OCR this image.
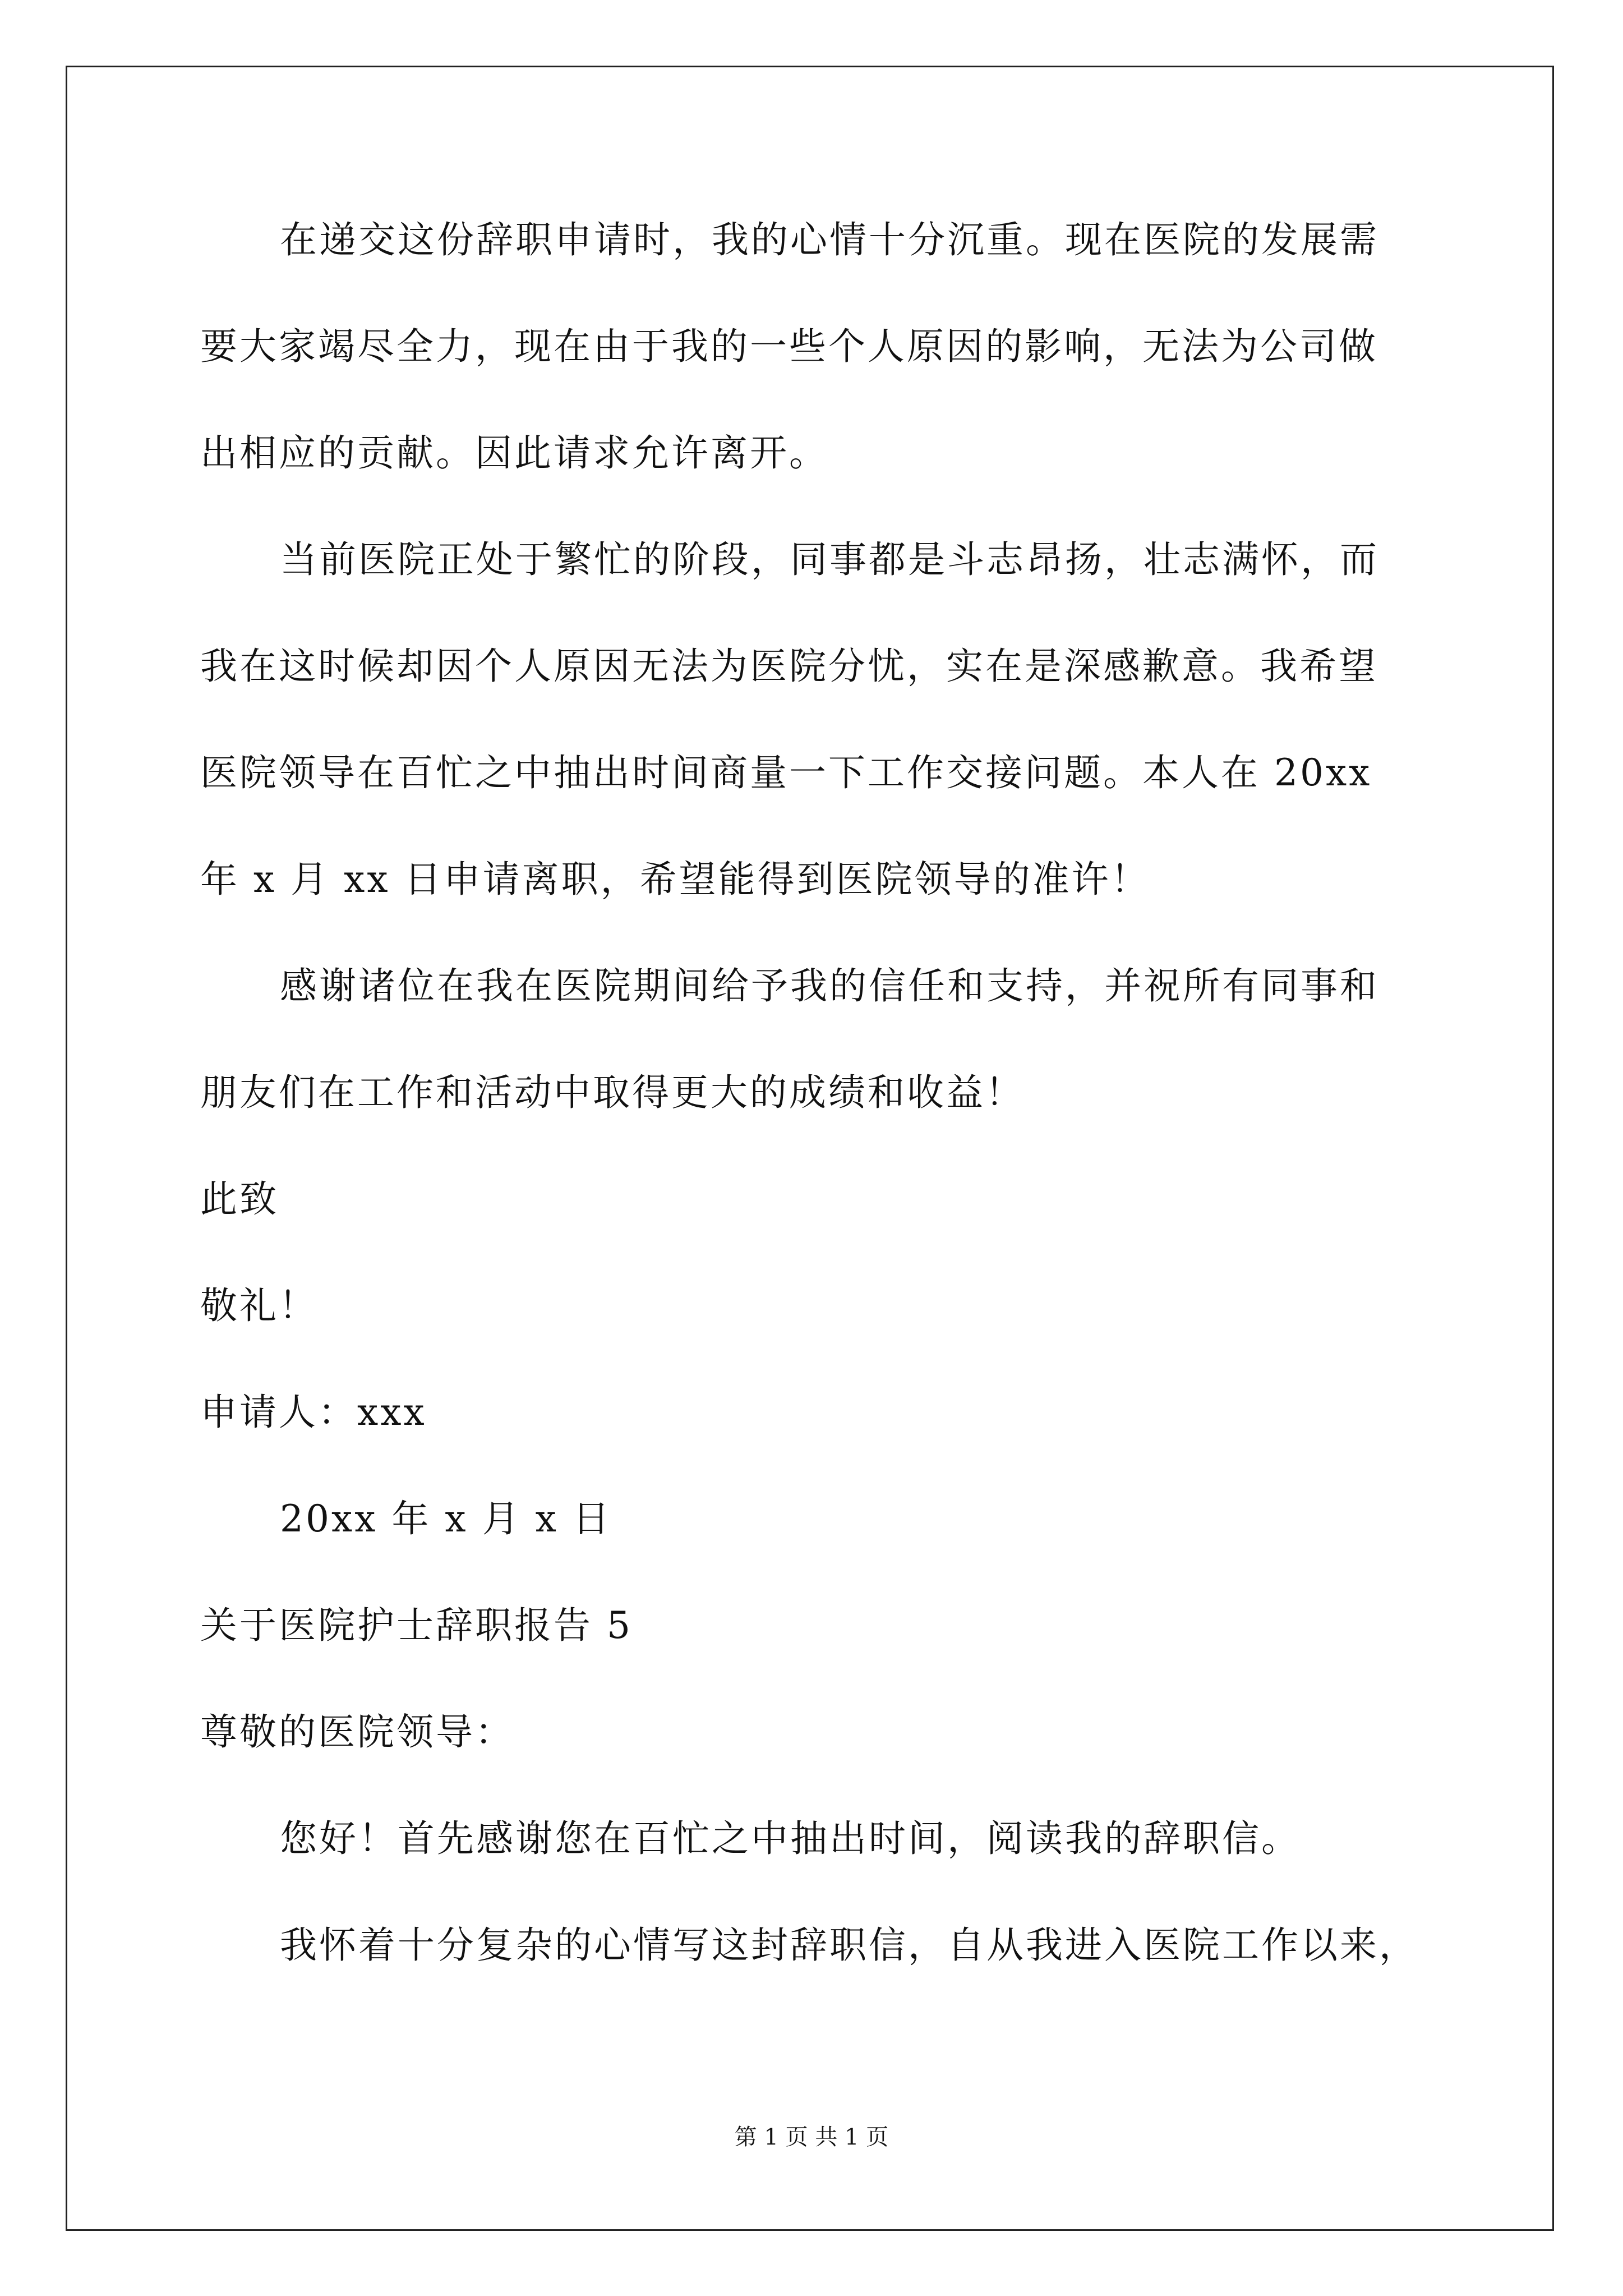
在递交这份辞职申请时，我的心情十分沉重。现在医院的发展需
要大家竭尽全力，现在由于我的一些个人原因的影响，无法为公司做
出相应的贡献。因此请求允许离开。
当前医院正处于繁忙的阶段，同事都是斗志昂扬，壮志满怀，而
我在这时候却因个人原因无法为医院分忧，实在是深感歉意。我希望
医院领导在百忙之中抽出时间商量一下工作交接问题。本人在 20xx
年 x 月 xx 日申请离职，希望能得到医院领导的准许！
感谢诸位在我在医院期间给予我的信任和支持，并祝所有同事和
朋友们在工作和活动中取得更大的成绩和收益！
此致
敬礼！
申请人：xxx
20xx 年 x 月 x 日
关于医院护士辞职报告 5
尊敬的医院领导：
您好！首先感谢您在百忙之中抽出时间，阅读我的辞职信。
我怀着十分复杂的心情写这封辞职信，自从我进入医院工作以来，
第 1 页 共 1 页
